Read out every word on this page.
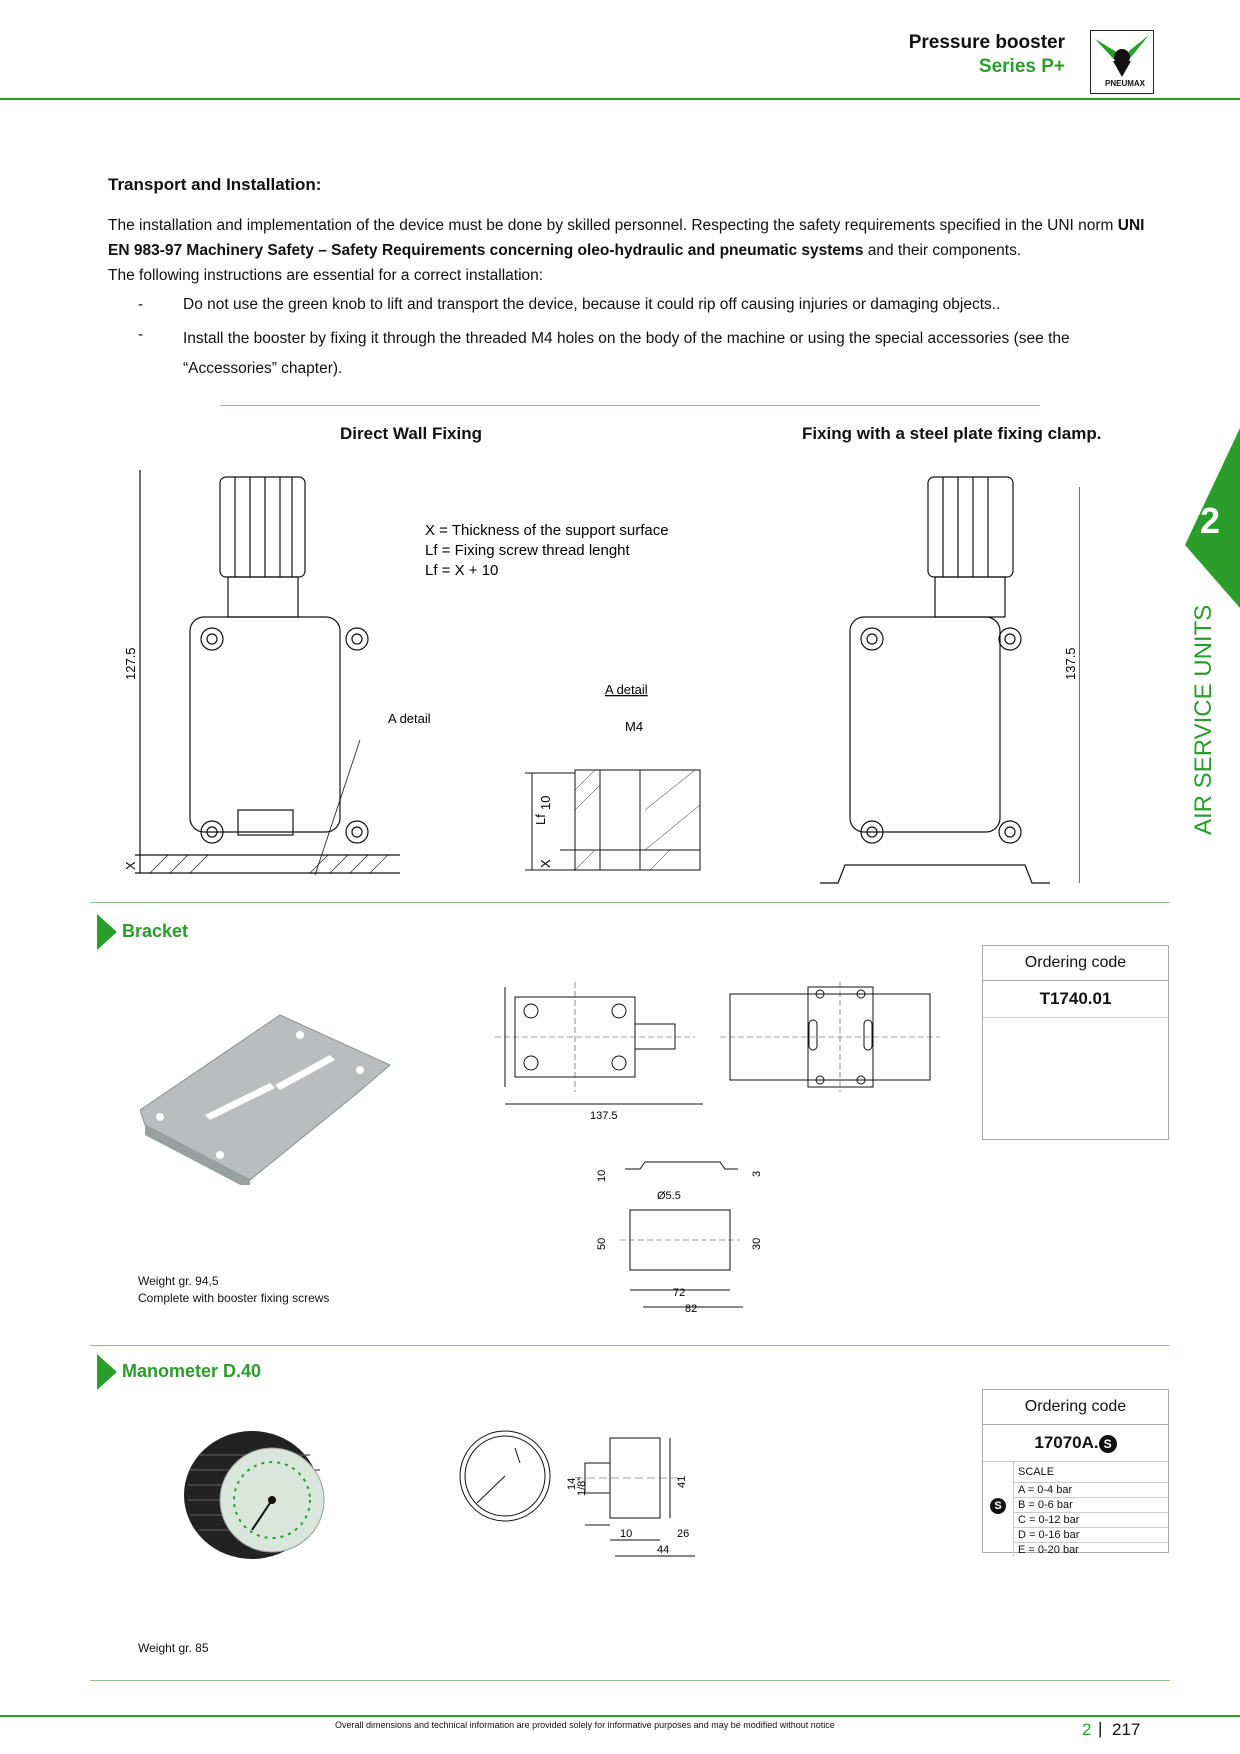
Pressure booster
Series P+
PNEUMAX
2
AIR SERVICE UNITS
Transport and Installation:
The installation and implementation of the device must be done by skilled personnel. Respecting the safety requirements specified in the UNI norm UNI EN 983-97 Machinery Safety – Safety Requirements concerning oleo-hydraulic and pneumatic systems and their components.
The following instructions are essential for a correct installation:
-	Do not use the green knob to lift and transport the device, because it could rip off causing injuries or damaging objects..
-	Install the booster by fixing it through the threaded M4 holes on the body of the machine or using the special accessories (see the “Accessories” chapter).
Direct Wall Fixing	Fixing with a steel plate fixing clamp.
127.5
X
A detail
X = Thickness of the support surface
Lf = Fixing screw thread lenght
Lf = X + 10
A detail
M4
Lf
10
X
137.5
Bracket
Ordering code
T1740.01
137.5
10	3
Ø5.5
50	30
72
82
Weight gr. 94,5
Complete with booster fixing screws
Manometer D.40
Ordering code
17070A. S
S
SCALE
A = 0-4 bar
B = 0-6 bar
C = 0-12 bar
D = 0-16 bar
E = 0-20 bar
14
1/8"	41
10	26
44
Weight gr. 85
Overall dimensions and technical information are provided solely for informative purposes and may be modified without notice	2 | 217
